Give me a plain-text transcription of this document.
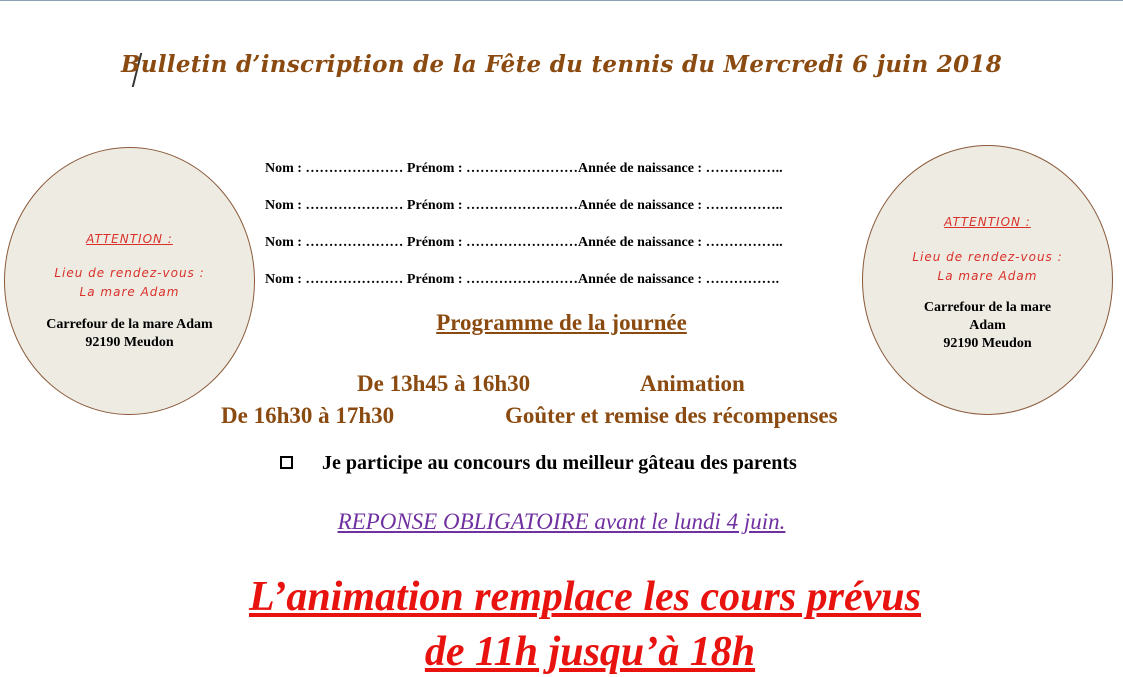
Bulletin d’inscription de la Fête du tennis du Mercredi 6 juin 2018
ATTENTION :
Lieu de rendez-vous :
La mare Adam
Carrefour de la mare Adam
92190 Meudon
ATTENTION :
Lieu de rendez-vous :
La mare Adam
Carrefour de la mare
Adam
92190 Meudon
Nom : ………………… Prénom : ……………………Année de naissance : ……………..
Nom : ………………… Prénom : ……………………Année de naissance : ……………..
Nom : ………………… Prénom : ……………………Année de naissance : ……………..
Nom : ………………… Prénom : ……………………Année de naissance : …………….
Programme de la journée
De 13h45 à 16h30	Animation
De 16h30 à 17h30	Goûter et remise des récompenses
Je participe au concours du meilleur gâteau des parents
REPONSE OBLIGATOIRE avant le lundi 4 juin.
L’animation remplace les cours prévus
de 11h jusqu’à 18h
